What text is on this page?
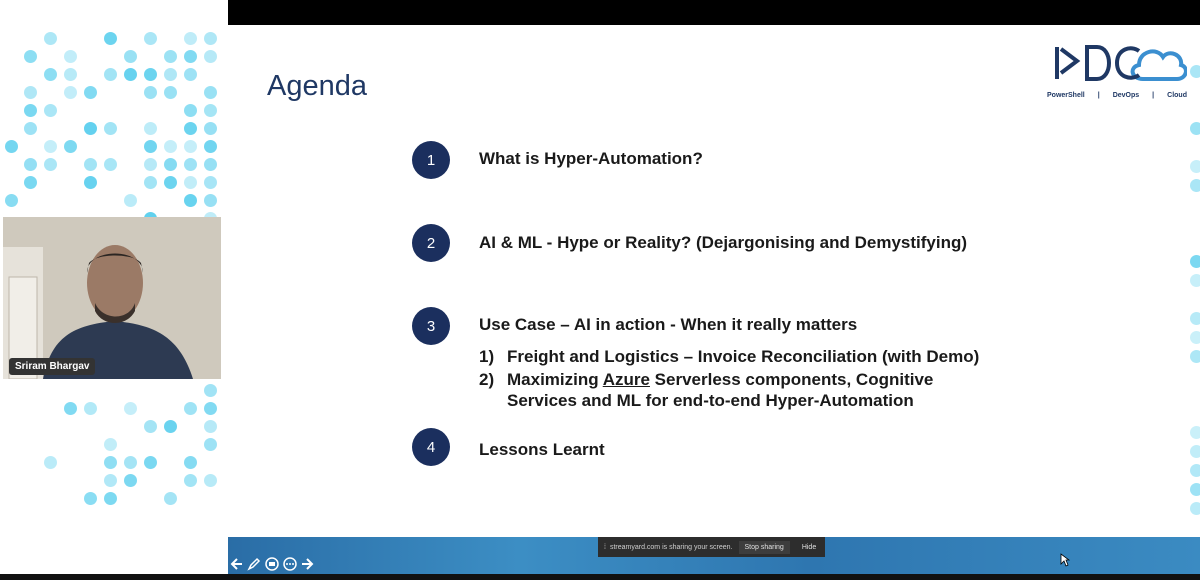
Agenda	PowerShell | DevOps | Cloud
1	What is Hyper-Automation?
2	AI & ML - Hype or Reality? (Dejargonising and Demystifying)
3	Use Case – AI in action - When it really matters
1) Freight and Logistics – Invoice Reconciliation (with Demo)
2) Maximizing Azure Serverless components, Cognitive
Services and ML for end-to-end Hyper-Automation
4	Lessons Learnt
Sriram Bhargav
⁞ streamyard.com is sharing your screen.	Stop sharing	Hide
